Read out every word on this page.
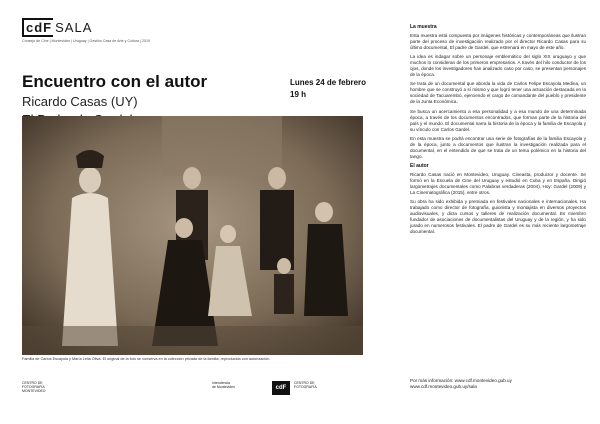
cdF SALA
Consejo de Cine | Montevideo | Uruguay | Gestión Casa de Arte y Cultura | 2019
Encuentro con el autor
Ricardo Casas (UY)
Lunes 24 de febrero
19 h
Familia de Carlos Escayola y María Lelia Oliva. El original de la foto se conserva en la colección privada de la familia; reproducida con autorización.
CENTRO DE
FOTOGRAFÍA
MONTEVIDEO
Intendencia
de Montevideo	cdF
CENTRO DE
FOTOGRAFÍA
La muestra

Esta muestra está compuesta por imágenes históricas y contemporáneas que ilustran parte del proceso de investigación realizado por el director Ricardo Casas para su último documental, El padre de Gardel, que estrenará en mayo de este año.

La idea es indagar sobre un personaje emblemático del siglo XIX uruguayo y que muchos lo consideran de los primeros empresarios. A través del hilo conductor de los ojos, donde los investigadores han analizado caso por caso, se presentan personajes de la época.

Se trata de un documental que aborda la vida de Carlos Felipe Escayola Medina, un hombre que se construyó a sí mismo y que logró tener una actuación destacada en la sociedad de Tacuarembó, ejerciendo el cargo de comandante del pueblo y presidente de la Junta Económica.

Se busca un acercamiento a esa personalidad y a esa mundo de una determinada época, a través de los documentos encontrados, que forman parte de la historia del país y el mundo. El documental narra la historia de la época y la familia de Escayola y su vínculo con Carlos Gardel.

En esta muestra se podrá encontrar una serie de fotografías de la familia Escayola y de la época, junto a documentos que ilustran la investigación realizada para el documental, en el entendido de que se trata de un tema polémico en la historia del tango.

El autor

Ricardo Casas nació en Montevideo, Uruguay. Cineasta, productor y docente. Se formó en la Escuela de Cine del Uruguay y estudió en Cuba y en España. Dirigió largometrajes documentales como Palabras verdaderas (2004), Hoy: Gardel (2009) y La Cinematográfica (2015), entre otros.

Su obra ha sido exhibida y premiada en festivales nacionales e internacionales. Ha trabajado como director de fotografía, guionista y montajista en diversos proyectos audiovisuales, y dicta cursos y talleres de realización documental. Es miembro fundador de asociaciones de documentalistas del Uruguay y de la región, y ha sido jurado en numerosos festivales. El padre de Gardel es su más reciente largometraje documental.

Por más información: www.cdf.montevideo.gub.uy
www.cdf.montevideo.gub.uy/sala
